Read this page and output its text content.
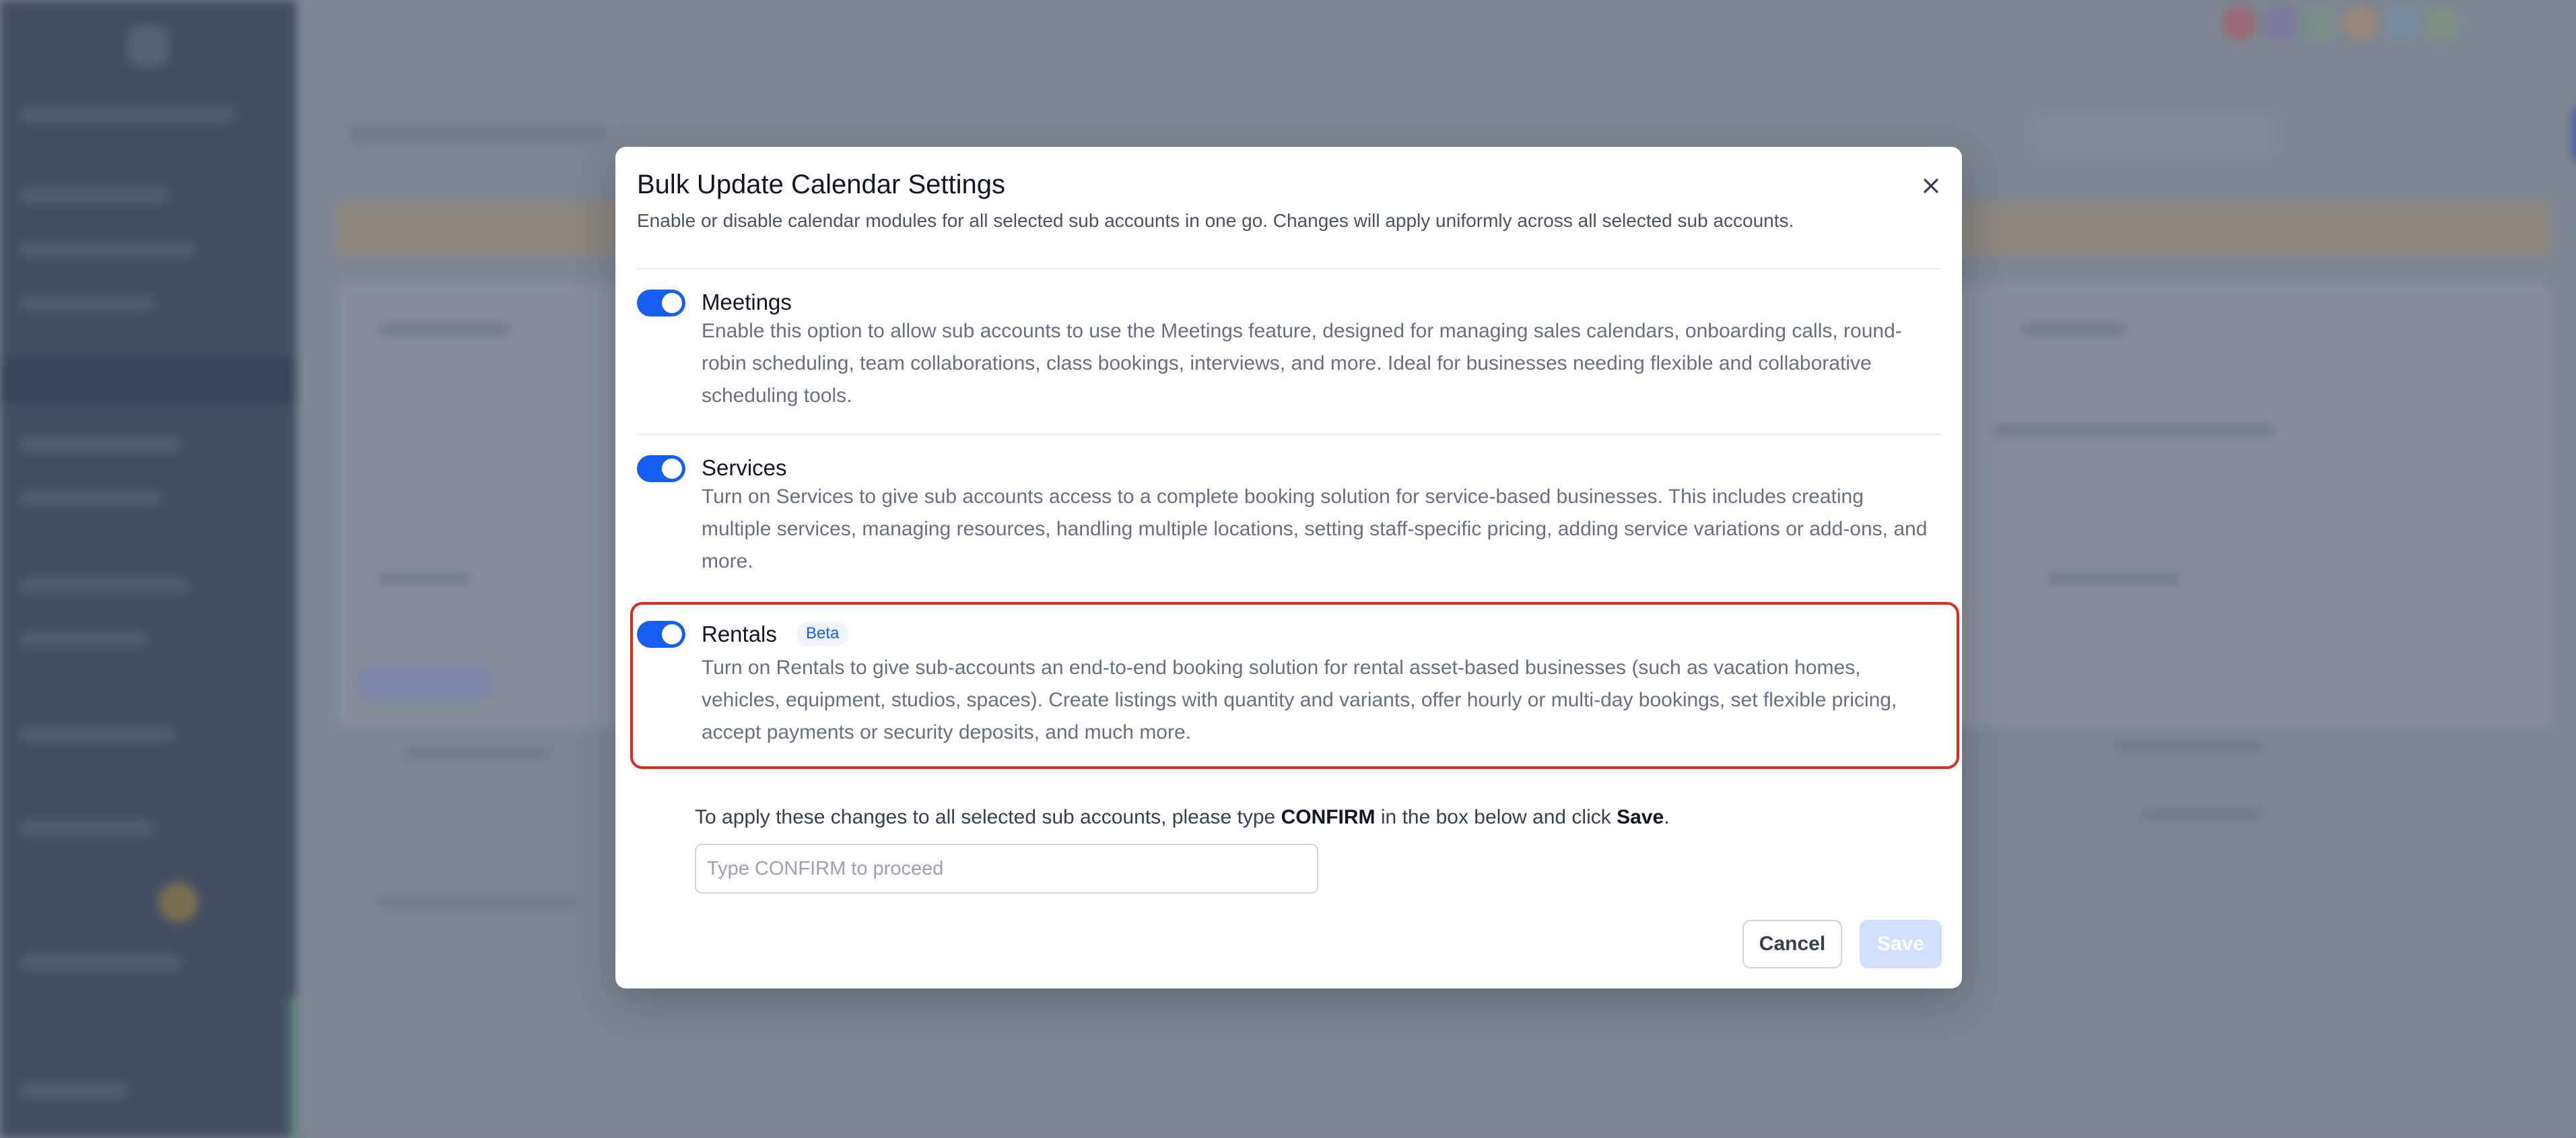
Bulk Update Calendar Settings
Enable or disable calendar modules for all selected sub accounts in one go. Changes will apply uniformly across all selected sub accounts.
Meetings
Enable this option to allow sub accounts to use the Meetings feature, designed for managing sales calendars, onboarding calls, round-
robin scheduling, team collaborations, class bookings, interviews, and more. Ideal for businesses needing flexible and collaborative
scheduling tools.
Services
Turn on Services to give sub accounts access to a complete booking solution for service-based businesses. This includes creating
multiple services, managing resources, handling multiple locations, setting staff-specific pricing, adding service variations or add-ons, and
more.
Rentals	Beta
Turn on Rentals to give sub-accounts an end-to-end booking solution for rental asset-based businesses (such as vacation homes,
vehicles, equipment, studios, spaces). Create listings with quantity and variants, offer hourly or multi-day bookings, set flexible pricing,
accept payments or security deposits, and much more.
To apply these changes to all selected sub accounts, please type CONFIRM in the box below and click Save.
Type CONFIRM to proceed
Cancel	Save
